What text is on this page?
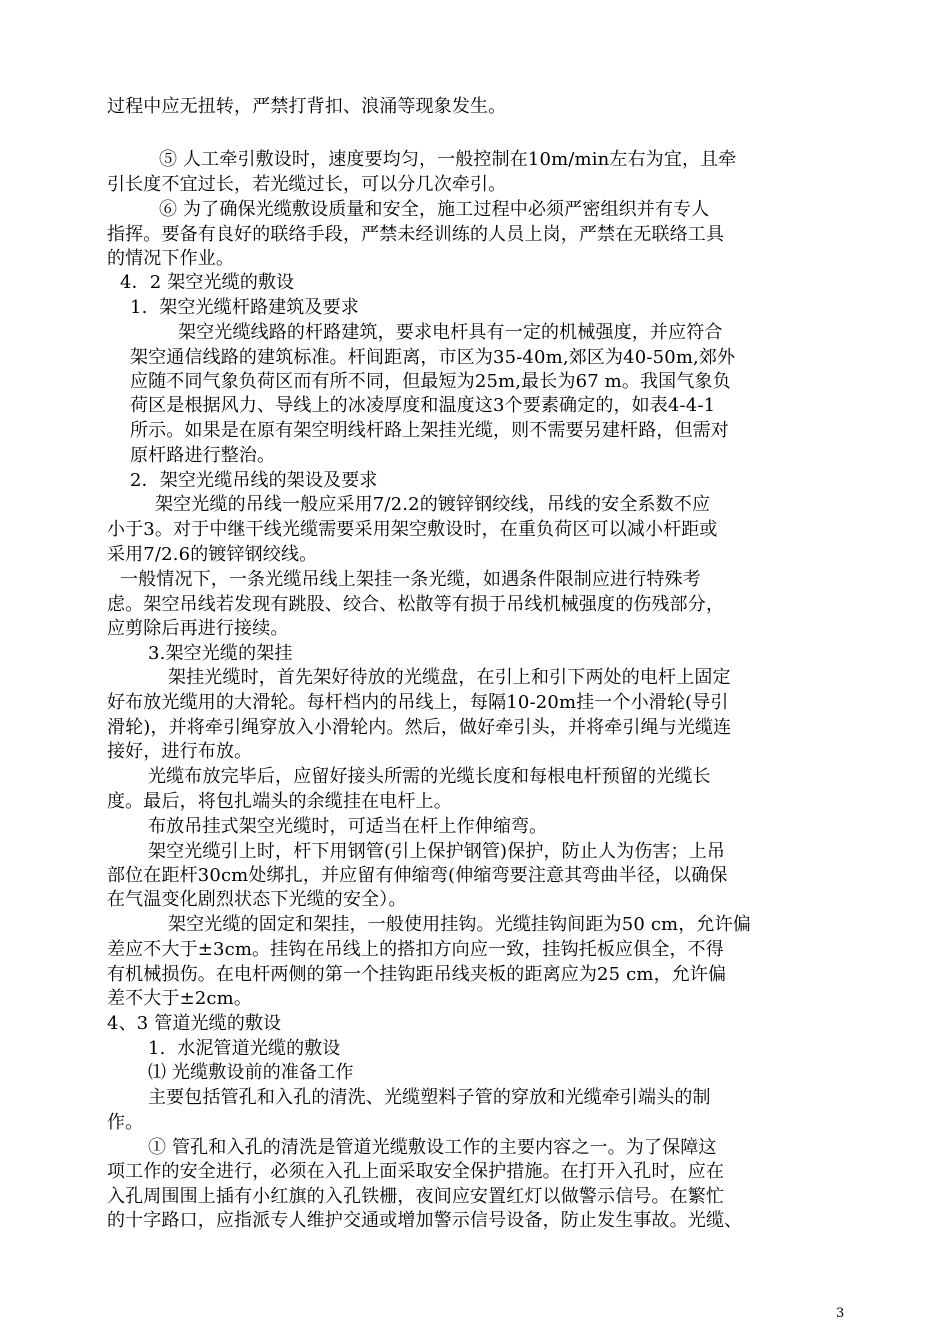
过程中应无扭转，严禁打背扣、浪涌等现象发生。
⑤ 人工牵引敷设时，速度要均匀，一般控制在10m/min左右为宜，且牵
引长度不宜过长，若光缆过长，可以分几次牵引。
⑥ 为了确保光缆敷设质量和安全，施工过程中必须严密组织并有专人
指挥。要备有良好的联络手段，严禁未经训练的人员上岗，严禁在无联络工具
的情况下作业。
4．2 架空光缆的敷设
1.  架空光缆杆路建筑及要求
架空光缆线路的杆路建筑，要求电杆具有一定的机械强度，并应符合
架空通信线路的建筑标准。杆间距离，市区为35-40m,郊区为40-50m,郊外
应随不同气象负荷区而有所不同，但最短为25m,最长为67 m。我国气象负
荷区是根据风力、导线上的冰凌厚度和温度这3个要素确定的，如表4-4-1
所示。如果是在原有架空明线杆路上架挂光缆，则不需要另建杆路，但需对
原杆路进行整治。
2．架空光缆吊线的架设及要求
架空光缆的吊线一般应采用7/2.2的镀锌钢绞线，吊线的安全系数不应
小于3。对于中继干线光缆需要采用架空敷设时，在重负荷区可以减小杆距或
采用7/2.6的镀锌钢绞线。
一般情况下，一条光缆吊线上架挂一条光缆，如遇条件限制应进行特殊考
虑。架空吊线若发现有跳股、绞合、松散等有损于吊线机械强度的伤残部分，
应剪除后再进行接续。
3.架空光缆的架挂
架挂光缆时，首先架好待放的光缆盘，在引上和引下两处的电杆上固定
好布放光缆用的大滑轮。每杆档内的吊线上，每隔10-20m挂一个小滑轮(导引
滑轮)，并将牵引绳穿放入小滑轮内。然后，做好牵引头，并将牵引绳与光缆连
接好，进行布放。
光缆布放完毕后，应留好接头所需的光缆长度和每根电杆预留的光缆长
度。最后，将包扎端头的余缆挂在电杆上。
布放吊挂式架空光缆时，可适当在杆上作伸缩弯。
架空光缆引上时，杆下用钢管(引上保护钢管)保护，防止人为伤害；上吊
部位在距杆30cm处绑扎，并应留有伸缩弯(伸缩弯要注意其弯曲半径，以确保
在气温变化剧烈状态下光缆的安全）。
架空光缆的固定和架挂，一般使用挂钩。光缆挂钩间距为50 cm，允许偏
差应不大于±3cm。挂钩在吊线上的搭扣方向应一致，挂钩托板应俱全，不得
有机械损伤。在电杆两侧的第一个挂钩距吊线夹板的距离应为25 cm，允许偏
差不大于±2cm。
4、3 管道光缆的敷设
1.  水泥管道光缆的敷设
⑴ 光缆敷设前的准备工作
主要包括管孔和入孔的清洗、光缆塑料子管的穿放和光缆牵引端头的制
作。
① 管孔和入孔的清洗是管道光缆敷设工作的主要内容之一。为了保障这
项工作的安全进行，必须在入孔上面采取安全保护措施。在打开入孔时，应在
入孔周围围上插有小红旗的入孔铁栅，夜间应安置红灯以做警示信号。在繁忙
的十字路口，应指派专人维护交通或增加警示信号设备，防止发生事故。光缆、
3
